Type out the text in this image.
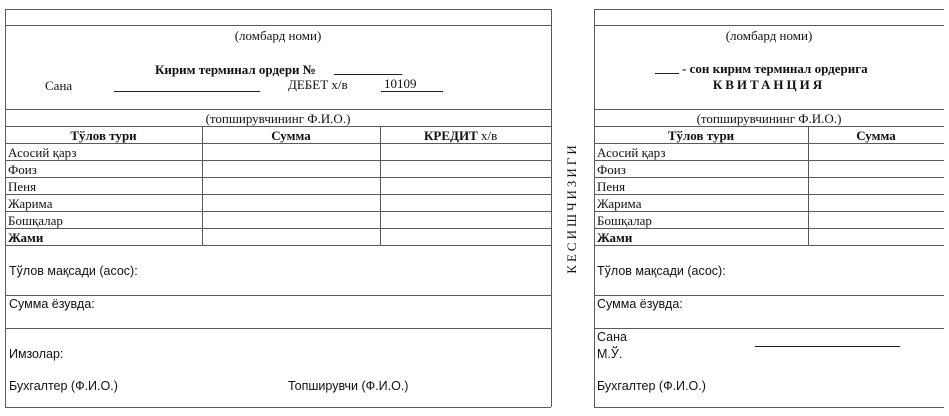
(ломбард номи)
Кирим терминал ордери №
Сана	ДЕБЕТ х/в	10109
(топширувчининг Ф.И.О.)
Тўлов тури	Сумма	КРЕДИТ х/в
Асосий қарз
Фоиз
Пеня
Жарима
Бошқалар
Жами
Тўлов мақсади (асос):
Сумма ёзувда:
Имзолар:
Бухгалтер (Ф.И.О.)	Топширувчи (Ф.И.О.)
КЕСИШЧИЗИГИ
(ломбард номи)
- сон кирим терминал ордерига
КВИТАНЦИЯ
(топширувчининг Ф.И.О.)
Тўлов тури	Сумма
Асосий қарз
Фоиз
Пеня
Жарима
Бошқалар
Жами
Тўлов мақсади (асос):
Сумма ёзувда:
Сана
М.Ў.
Бухгалтер (Ф.И.О.)
